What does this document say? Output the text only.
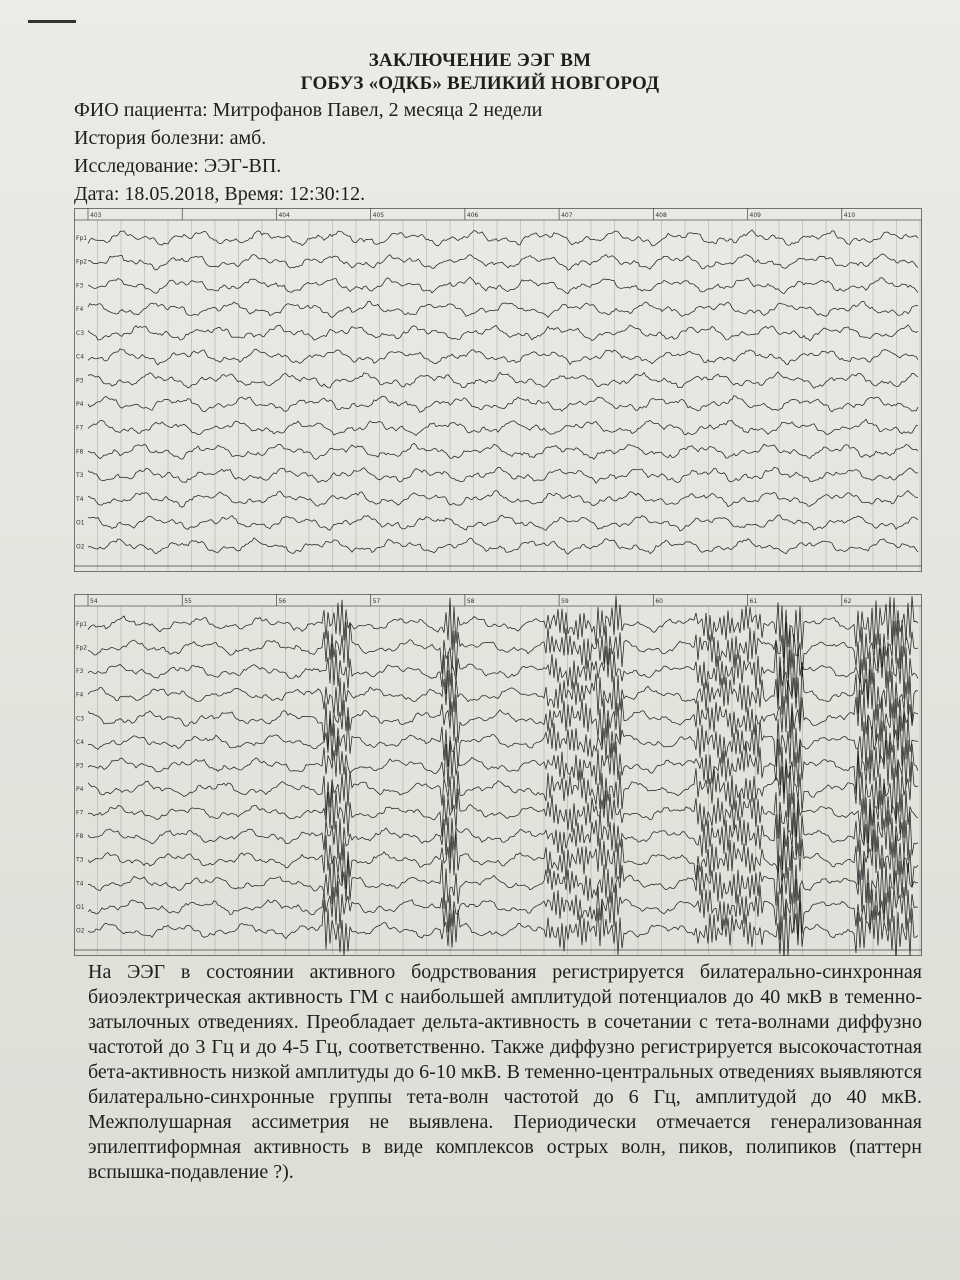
ЗАКЛЮЧЕНИЕ ЭЭГ ВМ
ГОБУЗ «ОДКБ» ВЕЛИКИЙ НОВГОРОД
ФИО пациента: Митрофанов Павел, 2 месяца 2 недели
История болезни: амб.
Исследование: ЭЭГ-ВП.
Дата: 18.05.2018, Время: 12:30:12.
403	404	405	406	407	408	409	410
Fp1
Fp2
F3
F4
C3
C4
P3
P4
F7
F8
T3
T4
O1
O2
54	55	56	57	58	59	60	61	62
Fp1
Fp2
F3
F4
C3
C4
P3
P4
F7
F8
T3
T4
O1
O2
На ЭЭГ в состоянии активного бодрствования регистрируется билатерально-синхронная биоэлектрическая активность ГМ с наибольшей амплитудой потенциалов до 40 мкВ в теменно-затылочных отведениях. Преобладает дельта-активность в сочетании с тета-волнами диффузно частотой до 3 Гц и до 4-5 Гц, соответственно. Также диффузно регистрируется высокочастотная бета-активность низкой амплитуды до 6-10 мкВ. В теменно-центральных отведениях выявляются билатерально-синхронные группы тета-волн частотой до 6 Гц, амплитудой до 40 мкВ. Межполушарная ассиметрия не выявлена. Периодически отмечается генерализованная эпилептиформная активность в виде комплексов острых волн, пиков, полипиков (паттерн вспышка-подавление ?).
